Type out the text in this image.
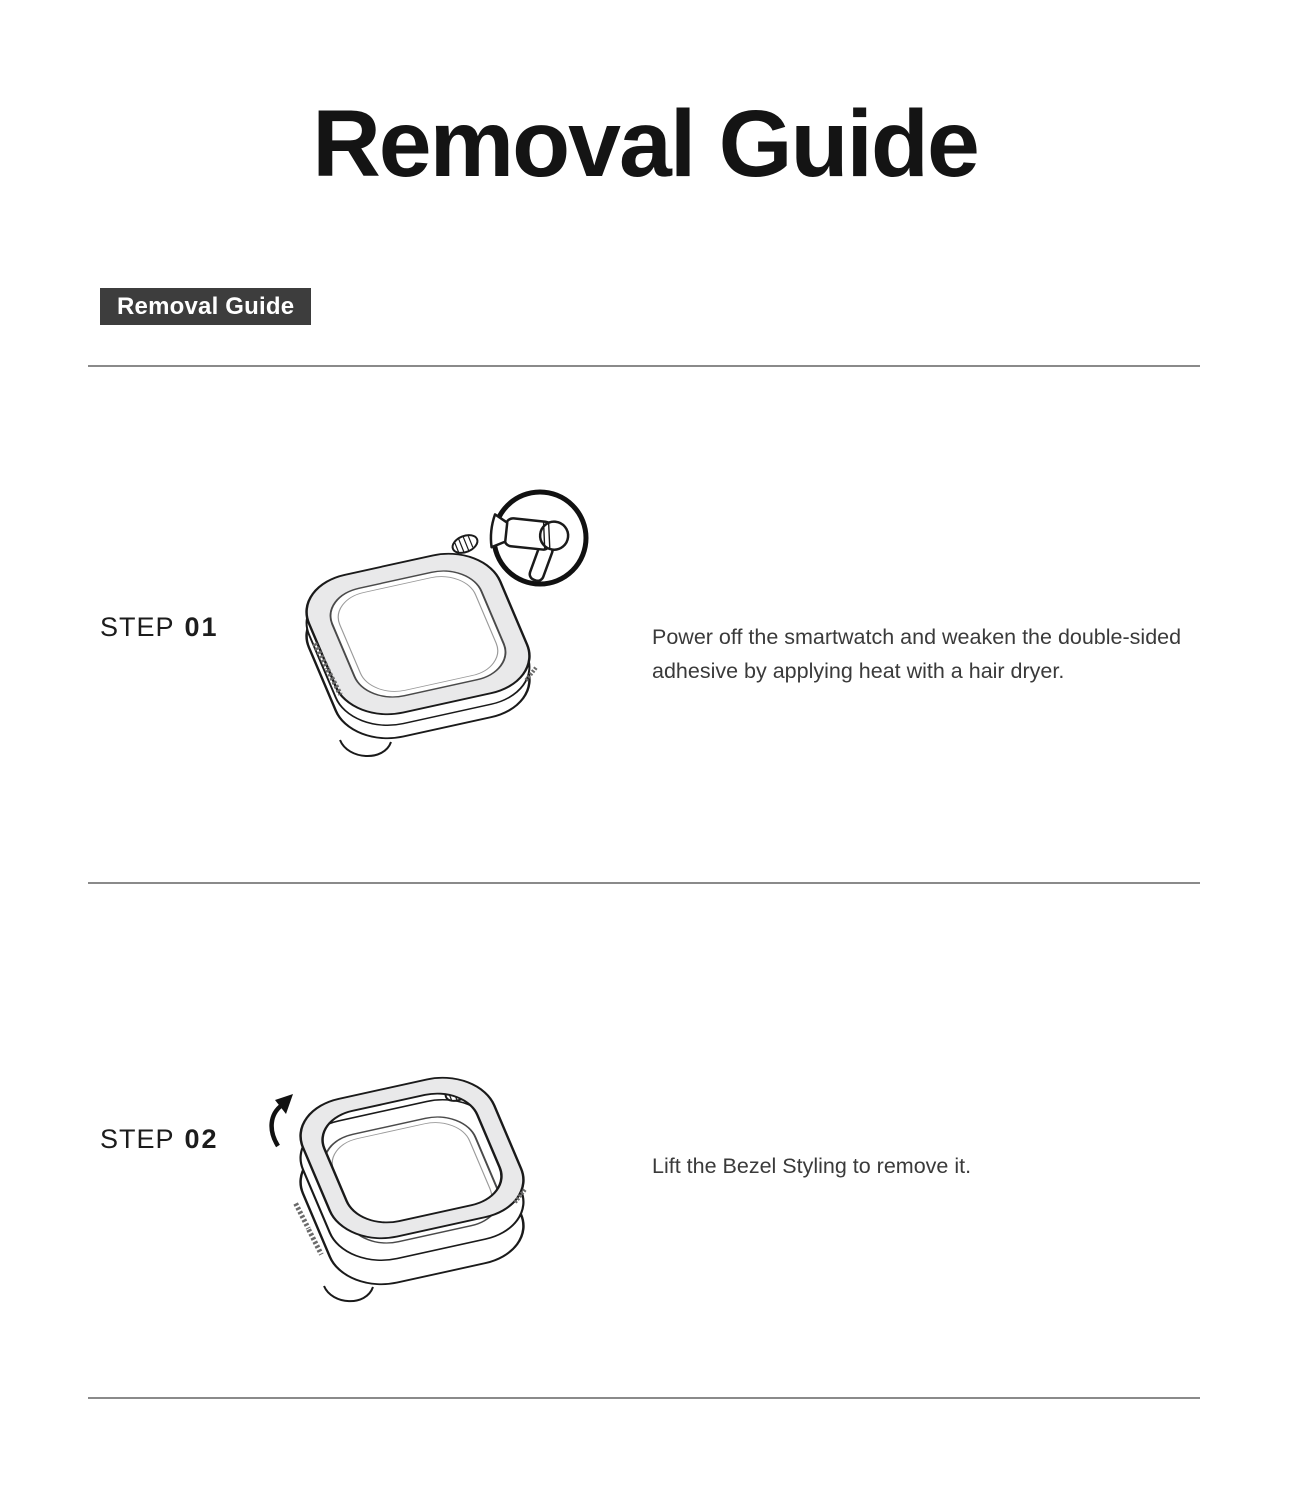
Removal Guide
Removal Guide
STEP 01	Power off the smartwatch and weaken the double-sided adhesive by applying heat with a hair dryer.

STEP 02

Lift the Bezel Styling to remove it.
